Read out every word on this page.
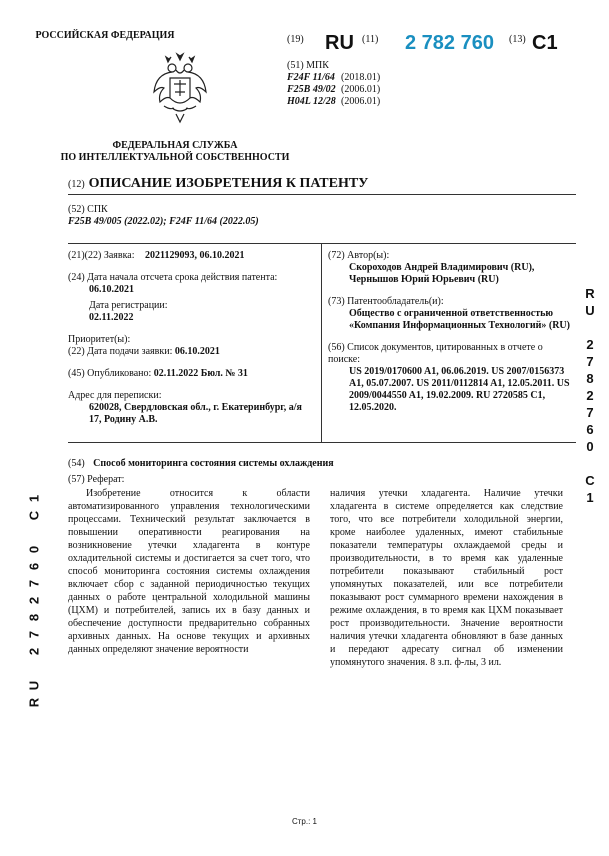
РОССИЙСКАЯ ФЕДЕРАЦИЯ
ФЕДЕРАЛЬНАЯ СЛУЖБА
ПО ИНТЕЛЛЕКТУАЛЬНОЙ СОБСТВЕННОСТИ
(19) RU (11) 2 782 760 (13) C1
(51) МПК
F24F 11/64 (2018.01)
F25B 49/02 (2006.01)
H04L 12/28 (2006.01)
(12) ОПИСАНИЕ ИЗОБРЕТЕНИЯ К ПАТЕНТУ
(52) СПК
F25B 49/005 (2022.02); F24F 11/64 (2022.05)
(21)(22) Заявка: 2021129093, 06.10.2021
(24) Дата начала отсчета срока действия патента:
06.10.2021
Дата регистрации:
02.11.2022
Приоритет(ы):
(22) Дата подачи заявки: 06.10.2021
(45) Опубликовано: 02.11.2022 Бюл. № 31
Адрес для переписки:
620028, Свердловская обл., г. Екатеринбург, а/я 17, Родину А.В.
(72) Автор(ы):
Скороходов Андрей Владимирович (RU),
Чернышов Юрий Юрьевич (RU)
(73) Патентообладатель(и):
Общество с ограниченной ответственностью «Компания Информационных Технологий» (RU)
(56) Список документов, цитированных в отчете о поиске:
US 2019/0170600 A1, 06.06.2019. US 2007/0156373 A1, 05.07.2007. US 2011/0112814 A1, 12.05.2011. US 2009/0044550 A1, 19.02.2009. RU 2720585 C1, 12.05.2020.
(54) Способ мониторинга состояния системы охлаждения
(57) Реферат:
Изобретение относится к области автоматизированного управления технологическими процессами. Технический результат заключается в повышении оперативности реагирования на возникновение утечки хладагента в контуре охладительной системы и достигается за счет того, что способ мониторинга состояния системы охлаждения включает сбор с заданной периодичностью текущих данных о работе центральной холодильной машины (ЦХМ) и потребителей, запись их в базу данных и обеспечение доступности предварительно собранных архивных данных. На основе текущих и архивных данных определяют значение вероятности
наличия утечки хладагента. Наличие утечки хладагента в системе определяется как следствие того, что все потребители холодильной энергии, кроме наиболее удаленных, имеют стабильные показатели температуры охлаждаемой среды и производительности, в то время как удаленные потребители показывают стабильный рост упомянутых показателей, или все потребители показывают рост суммарного времени нахождения в режиме охлаждения, в то время как ЦХМ показывает рост производительности. Значение вероятности наличия утечки хладагента обновляют в базе данных и передают адресату сигнал об изменении упомянутого значения. 8 з.п. ф-лы, 3 ил.
R
U
2
7
8
2
7
6
0
C
1
1
C
0
6
7
2
8
7
2
U
R
Стр.: 1
